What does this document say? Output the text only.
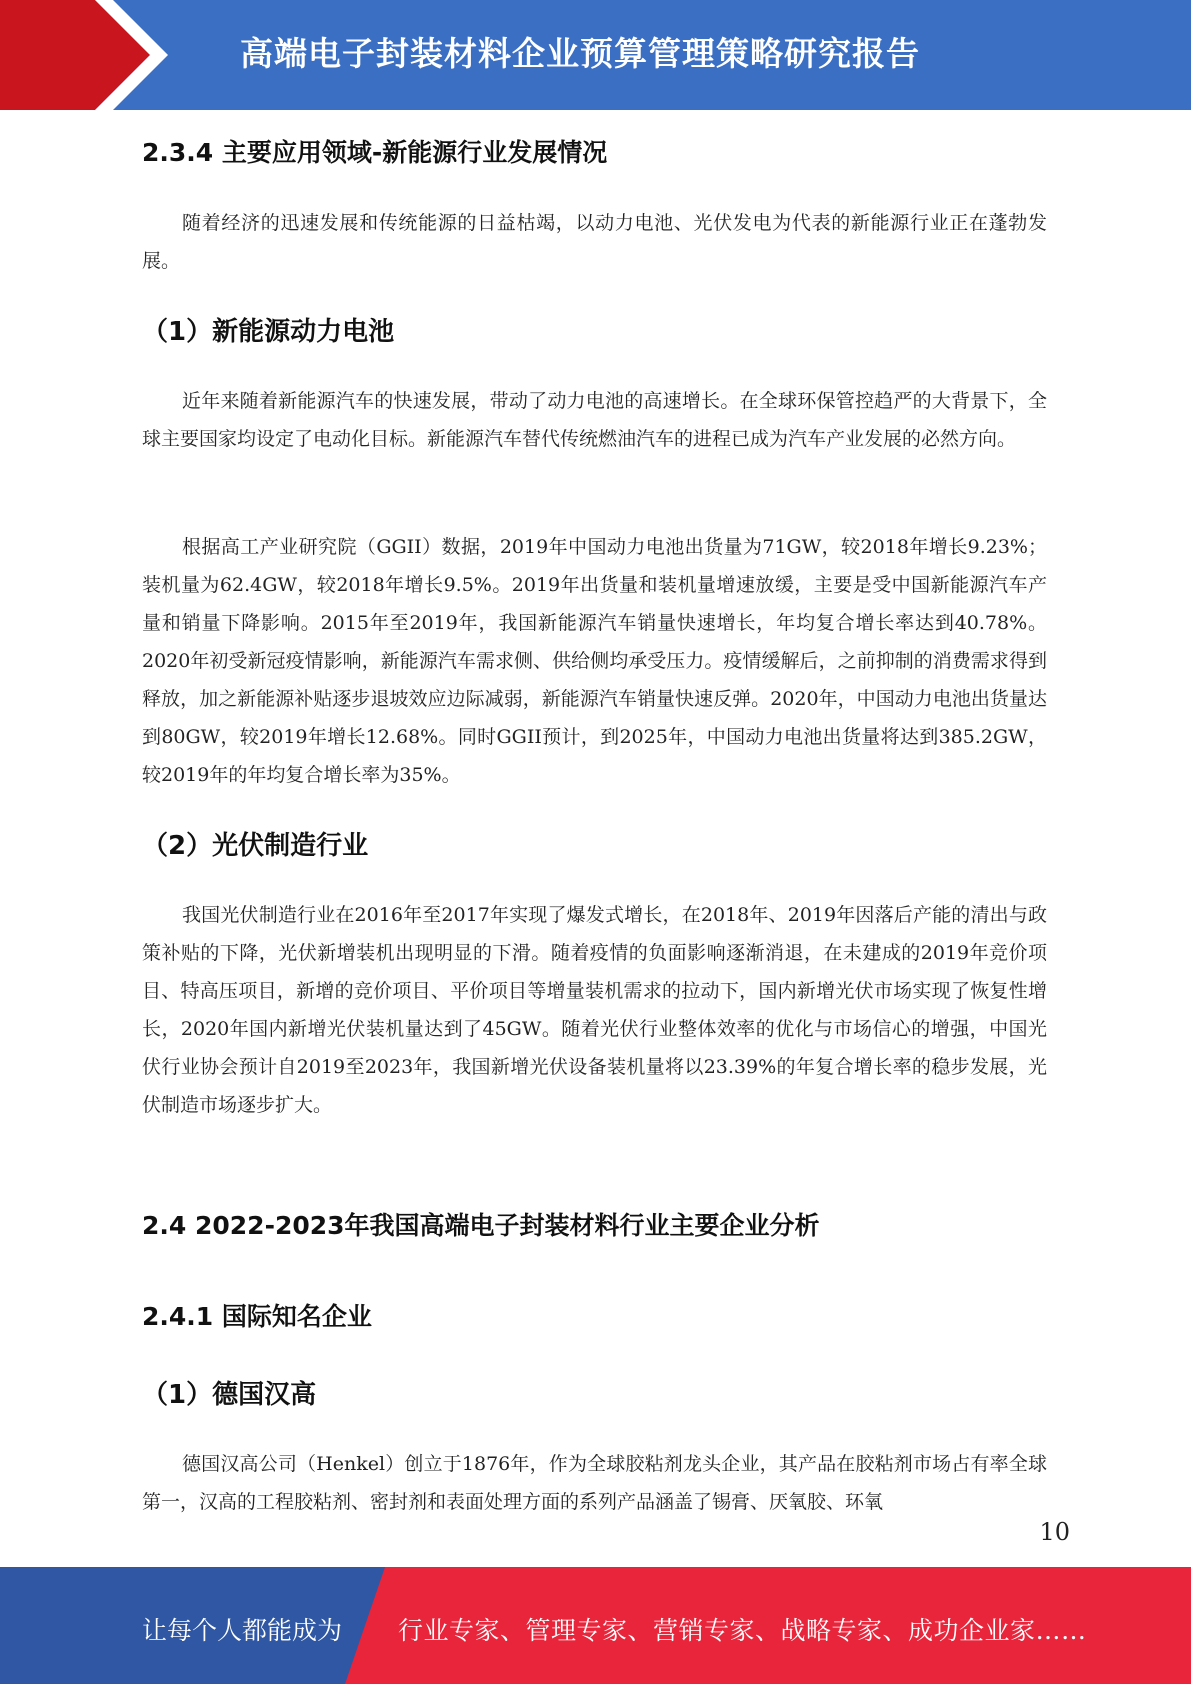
高端电子封装材料企业预算管理策略研究报告
2.3.4 主要应用领域-新能源行业发展情况

随着经济的迅速发展和传统能源的日益枯竭，以动力电池、光伏发电为代表的新能源行业正在蓬勃发展。

（1）新能源动力电池

近年来随着新能源汽车的快速发展，带动了动力电池的高速增长。在全球环保管控趋严的大背景下，全球主要国家均设定了电动化目标。新能源汽车替代传统燃油汽车的进程已成为汽车产业发展的必然方向。

根据高工产业研究院（GGII）数据，2019年中国动力电池出货量为71GW，较2018年增长9.23%；装机量为62.4GW，较2018年增长9.5%。2019年出货量和装机量增速放缓，主要是受中国新能源汽车产量和销量下降影响。2015年至2019年，我国新能源汽车销量快速增长，年均复合增长率达到40.78%。2020年初受新冠疫情影响，新能源汽车需求侧、供给侧均承受压力。疫情缓解后，之前抑制的消费需求得到释放，加之新能源补贴逐步退坡效应边际减弱，新能源汽车销量快速反弹。2020年，中国动力电池出货量达到80GW，较2019年增长12.68%。同时GGII预计，到2025年，中国动力电池出货量将达到385.2GW，较2019年的年均复合增长率为35%。

（2）光伏制造行业

我国光伏制造行业在2016年至2017年实现了爆发式增长，在2018年、2019年因落后产能的清出与政策补贴的下降，光伏新增装机出现明显的下滑。随着疫情的负面影响逐渐消退，在未建成的2019年竞价项目、特高压项目，新增的竞价项目、平价项目等增量装机需求的拉动下，国内新增光伏市场实现了恢复性增长，2020年国内新增光伏装机量达到了45GW。随着光伏行业整体效率的优化与市场信心的增强，中国光伏行业协会预计自2019至2023年，我国新增光伏设备装机量将以23.39%的年复合增长率的稳步发展，光伏制造市场逐步扩大。

2.4 2022-2023年我国高端电子封装材料行业主要企业分析
2.4.1 国际知名企业
（1）德国汉高

德国汉高公司（Henkel）创立于1876年，作为全球胶粘剂龙头企业，其产品在胶粘剂市场占有率全球第一，汉高的工程胶粘剂、密封剂和表面处理方面的系列产品涵盖了锡膏、厌氧胶、环氧

10
让每个人都能成为 行业专家、管理专家、营销专家、战略专家、成功企业家……
